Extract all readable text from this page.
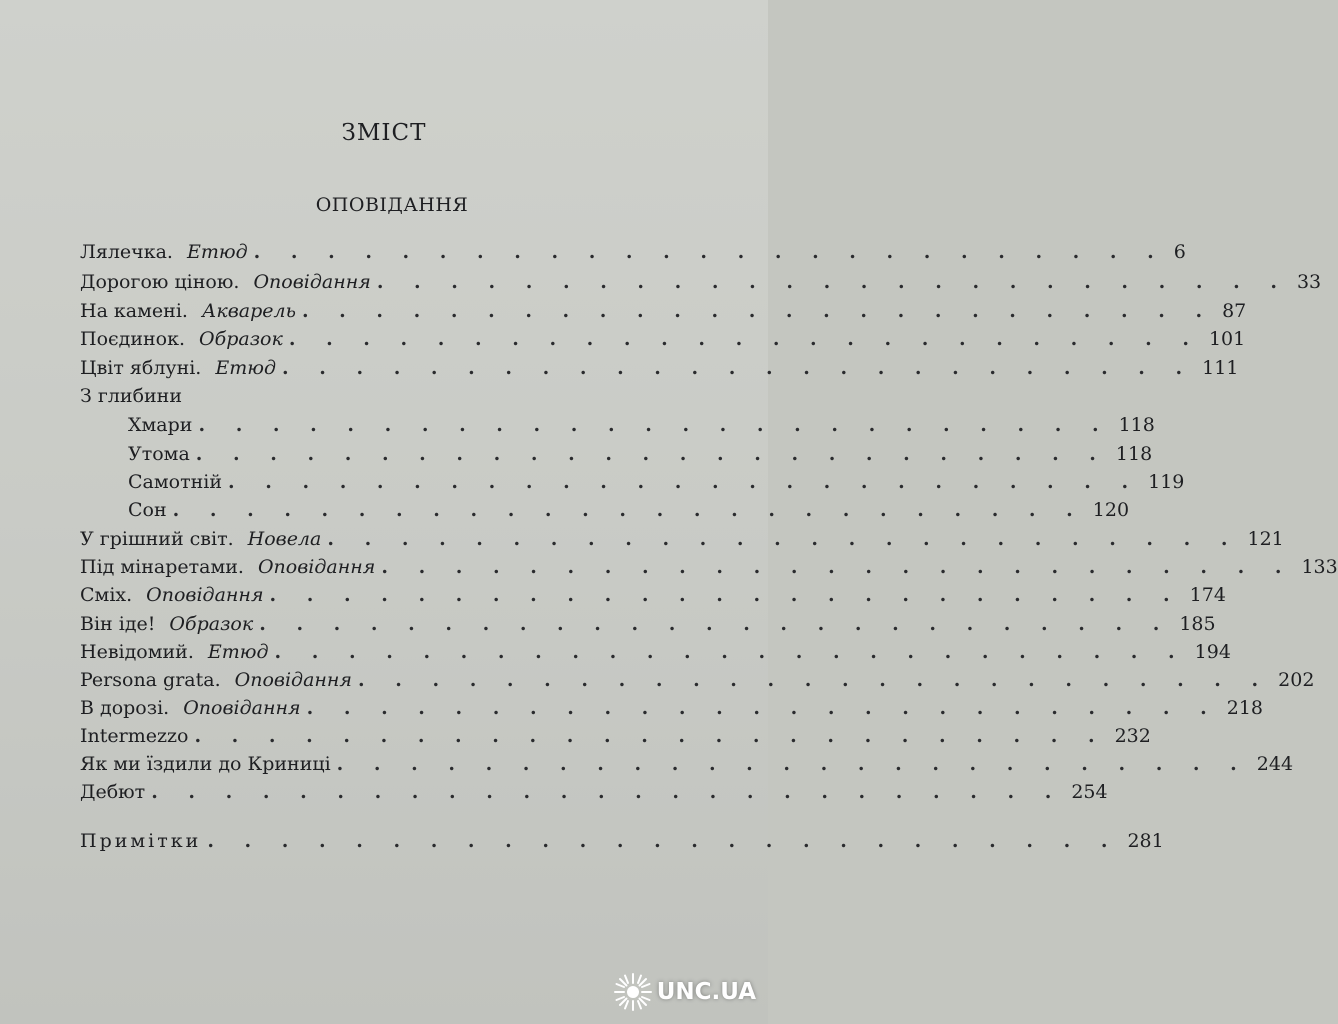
ЗМІСТ
ОПОВІДАННЯ
Лялечка. Етюд . . . . . . . . . . . . . . . . . . . . . . . . . 6
Дорогою ціною. Оповідання . . . . . . . . . . . . . . . . . . . . . . . . . 33
На камені. Акварель . . . . . . . . . . . . . . . . . . . . . . . . . 87
Поєдинок. Образок . . . . . . . . . . . . . . . . . . . . . . . . . 101
Цвіт яблуні. Етюд . . . . . . . . . . . . . . . . . . . . . . . . . 111
З глибини
Хмари . . . . . . . . . . . . . . . . . . . . . . . . . 118
Утома . . . . . . . . . . . . . . . . . . . . . . . . . 118
Самотній . . . . . . . . . . . . . . . . . . . . . . . . . 119
Сон . . . . . . . . . . . . . . . . . . . . . . . . . 120
У грішний світ. Новела . . . . . . . . . . . . . . . . . . . . . . . . . 121
Під мінаретами. Оповідання . . . . . . . . . . . . . . . . . . . . . . . . . 133
Сміх. Оповідання . . . . . . . . . . . . . . . . . . . . . . . . . 174
Він іде! Образок . . . . . . . . . . . . . . . . . . . . . . . . . 185
Невідомий. Етюд . . . . . . . . . . . . . . . . . . . . . . . . . 194
Persona grata. Оповідання . . . . . . . . . . . . . . . . . . . . . . . . . 202
В дорозі. Оповідання . . . . . . . . . . . . . . . . . . . . . . . . . 218
Intermezzo . . . . . . . . . . . . . . . . . . . . . . . . . 232
Як ми їздили до Криниці . . . . . . . . . . . . . . . . . . . . . . . . . 244
Дебют . . . . . . . . . . . . . . . . . . . . . . . . . 254
Примітки . . . . . . . . . . . . . . . . . . . . . . . . . 281
UNC.UA
